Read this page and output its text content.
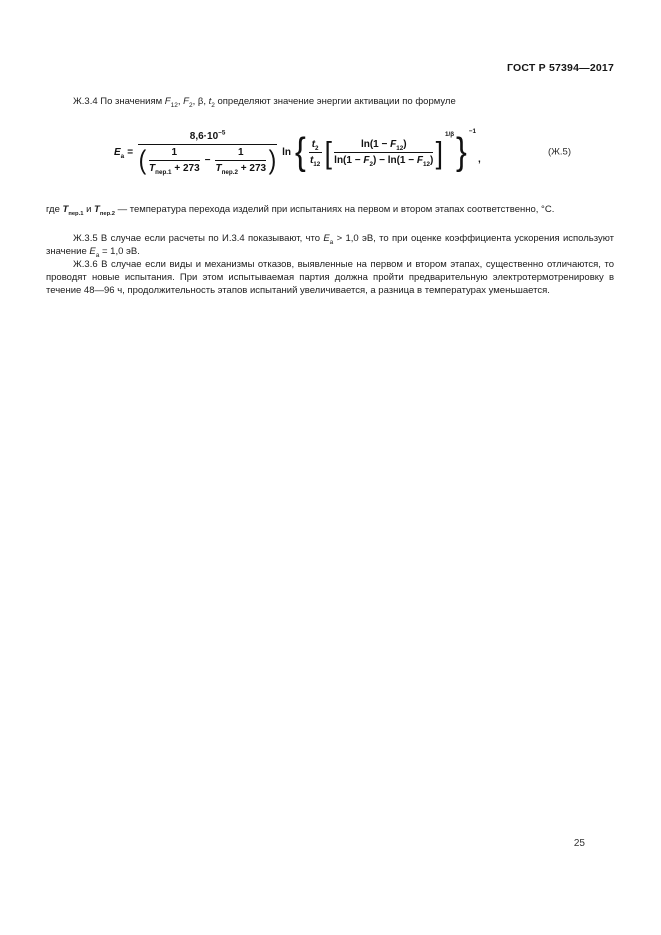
ГОСТ Р 57394—2017

Ж.3.4 По значениям $F_{12}$, $F_2$, β, $t_2$ определяют значение энергии активации по формуле

$E_a$ =
$8,6\cdot 10^{-5}$
( $\frac{1}{T_{пер.1} + 273} - \frac{1}{T_{пер.2} + 273}$ ) ln { $\frac{t_2}{t_{12}}$ [ $\frac{\ln(1 - F_{12})}{\ln(1 - F_2) - \ln(1 - F_{12})}$ ]
1/β } −1
,
(Ж.5)

где $T_{пер.1}$ и $T_{пер.2}$ — температура перехода изделий при испытаниях на первом и втором этапах соответственно, °С.

Ж.3.5 В случае если расчеты по И.3.4 показывают, что $E_a > 1,0$ эВ, то при оценке коэффициента ускорения используют значение $E_a = 1,0$ эВ.

Ж.3.6 В случае если виды и механизмы отказов, выявленные на первом и втором этапах, существенно отличаются, то проводят новые испытания. При этом испытываемая партия должна пройти предварительную электротермотренировку в течение 48—96 ч, продолжительность этапов испытаний увеличивается, а разница в температурах уменьшается.

25
